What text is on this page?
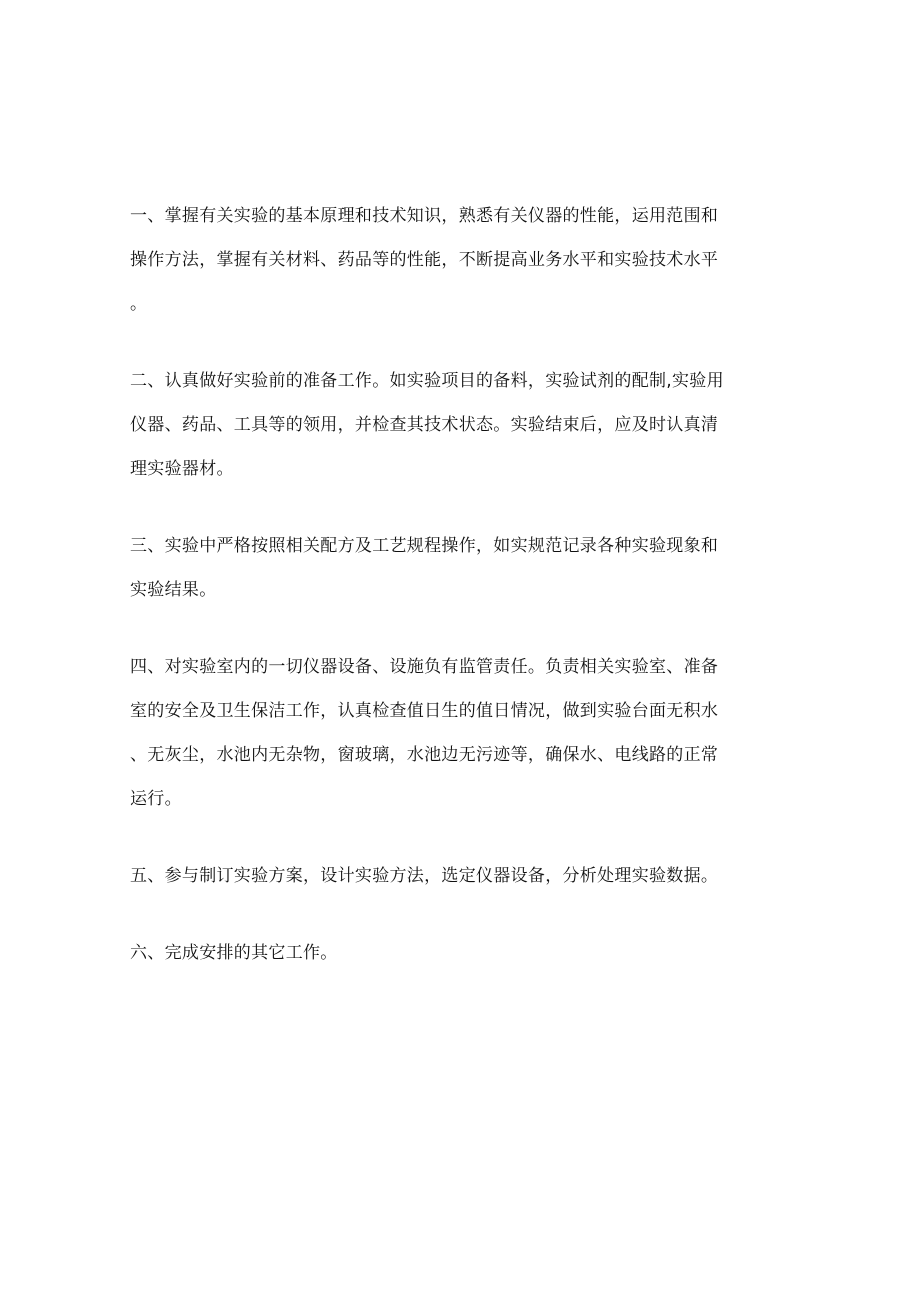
一、掌握有关实验的基本原理和技术知识，熟悉有关仪器的性能，运用范围和
操作方法，掌握有关材料、药品等的性能，不断提高业务水平和实验技术水平
。
二、认真做好实验前的准备工作。如实验项目的备料，实验试剂的配制,实验用
仪器、药品、工具等的领用，并检查其技术状态。实验结束后，应及时认真清
理实验器材。
三、实验中严格按照相关配方及工艺规程操作，如实规范记录各种实验现象和
实验结果。
四、对实验室内的一切仪器设备、设施负有监管责任。负责相关实验室、准备
室的安全及卫生保洁工作，认真检查值日生的值日情况，做到实验台面无积水
、无灰尘，水池内无杂物，窗玻璃，水池边无污迹等，确保水、电线路的正常
运行。
五、参与制订实验方案，设计实验方法，选定仪器设备，分析处理实验数据。
六、完成安排的其它工作。
